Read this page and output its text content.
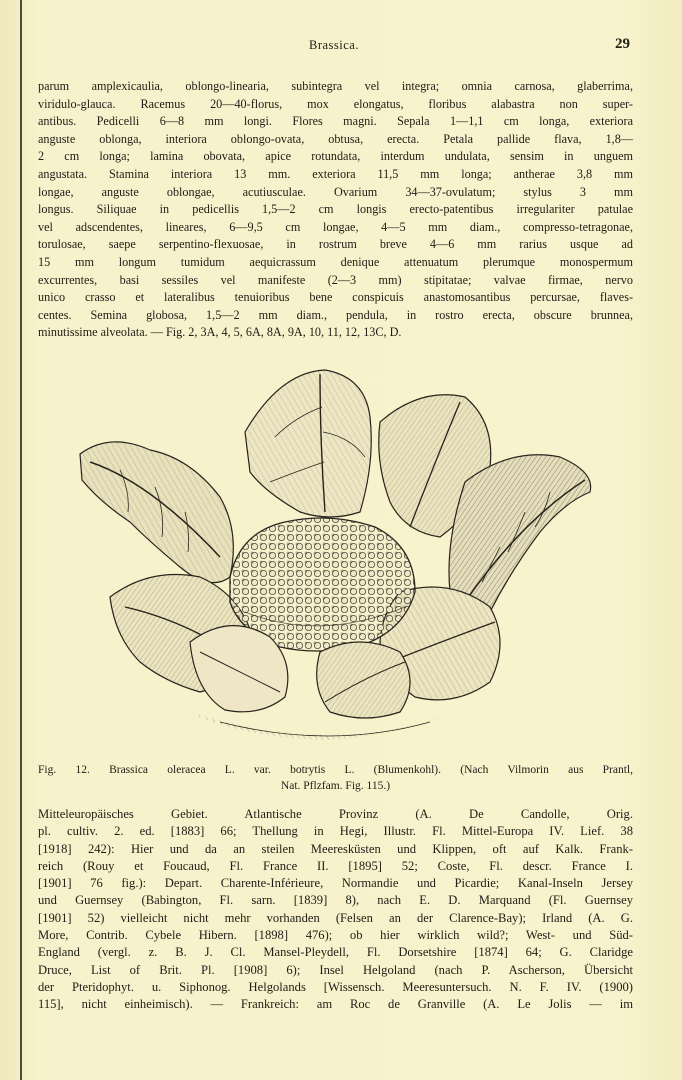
Brassica.	29
parum amplexicaulia, oblongo-linearia, subintegra vel integra; omnia carnosa, glaberrima,
viridulo-glauca. Racemus 20—40-florus, mox elongatus, floribus alabastra non super-
antibus. Pedicelli 6—8 mm longi. Flores magni. Sepala 1—1,1 cm longa, exteriora
anguste oblonga, interiora oblongo-ovata, obtusa, erecta. Petala pallide flava, 1,8—
2 cm longa; lamina obovata, apice rotundata, interdum undulata, sensim in unguem
angustata. Stamina interiora 13 mm. exteriora 11,5 mm longa; antherae 3,8 mm
longae, anguste oblongae, acutiusculae. Ovarium 34—37-ovulatum; stylus 3 mm
longus. Siliquae in pedicellis 1,5—2 cm longis erecto-patentibus irregulariter patulae
vel adscendentes, lineares, 6—9,5 cm longae, 4—5 mm diam., compresso-tetragonae,
torulosae, saepe serpentino-flexuosae, in rostrum breve 4—6 mm rarius usque ad
15 mm longum tumidum aequicrassum denique attenuatum plerumque monospermum
excurrentes, basi sessiles vel manifeste (2—3 mm) stipitatae; valvae firmae, nervo
unico crasso et lateralibus tenuioribus bene conspicuis anastomosantibus percursae, flaves-
centes. Semina globosa, 1,5—2 mm diam., pendula, in rostro erecta, obscure brunnea,
minutissime alveolata. — Fig. 2, 3A, 4, 5, 6A, 8A, 9A, 10, 11, 12, 13C, D.
Fig. 12. Brassica oleracea L. var. botrytis L. (Blumenkohl). (Nach Vilmorin aus Prantl,
Nat. Pflzfam. Fig. 115.)
Mitteleuropäisches Gebiet. Atlantische Provinz (A. De Candolle, Orig.
pl. cultiv. 2. ed. [1883] 66; Thellung in Hegi, Illustr. Fl. Mittel-Europa IV. Lief. 38
[1918] 242): Hier und da an steilen Meeresküsten und Klippen, oft auf Kalk. Frank-
reich (Rouy et Foucaud, Fl. France II. [1895] 52; Coste, Fl. descr. France I.
[1901] 76 fig.): Depart. Charente-Inférieure, Normandie und Picardie; Kanal-Inseln Jersey
und Guernsey (Babington, Fl. sarn. [1839] 8), nach E. D. Marquand (Fl. Guernsey
[1901] 52) vielleicht nicht mehr vorhanden (Felsen an der Clarence-Bay); Irland (A. G.
More, Contrib. Cybele Hibern. [1898] 476); ob hier wirklich wild?; West- und Süd-
England (vergl. z. B. J. Cl. Mansel-Pleydell, Fl. Dorsetshire [1874] 64; G. Claridge
Druce, List of Brit. Pl. [1908] 6); Insel Helgoland (nach P. Ascherson, Übersicht
der Pteridophyt. u. Siphonog. Helgolands [Wissensch. Meeresuntersuch. N. F. IV. (1900)
115], nicht einheimisch). — Frankreich: am Roc de Granville (A. Le Jolis — im
